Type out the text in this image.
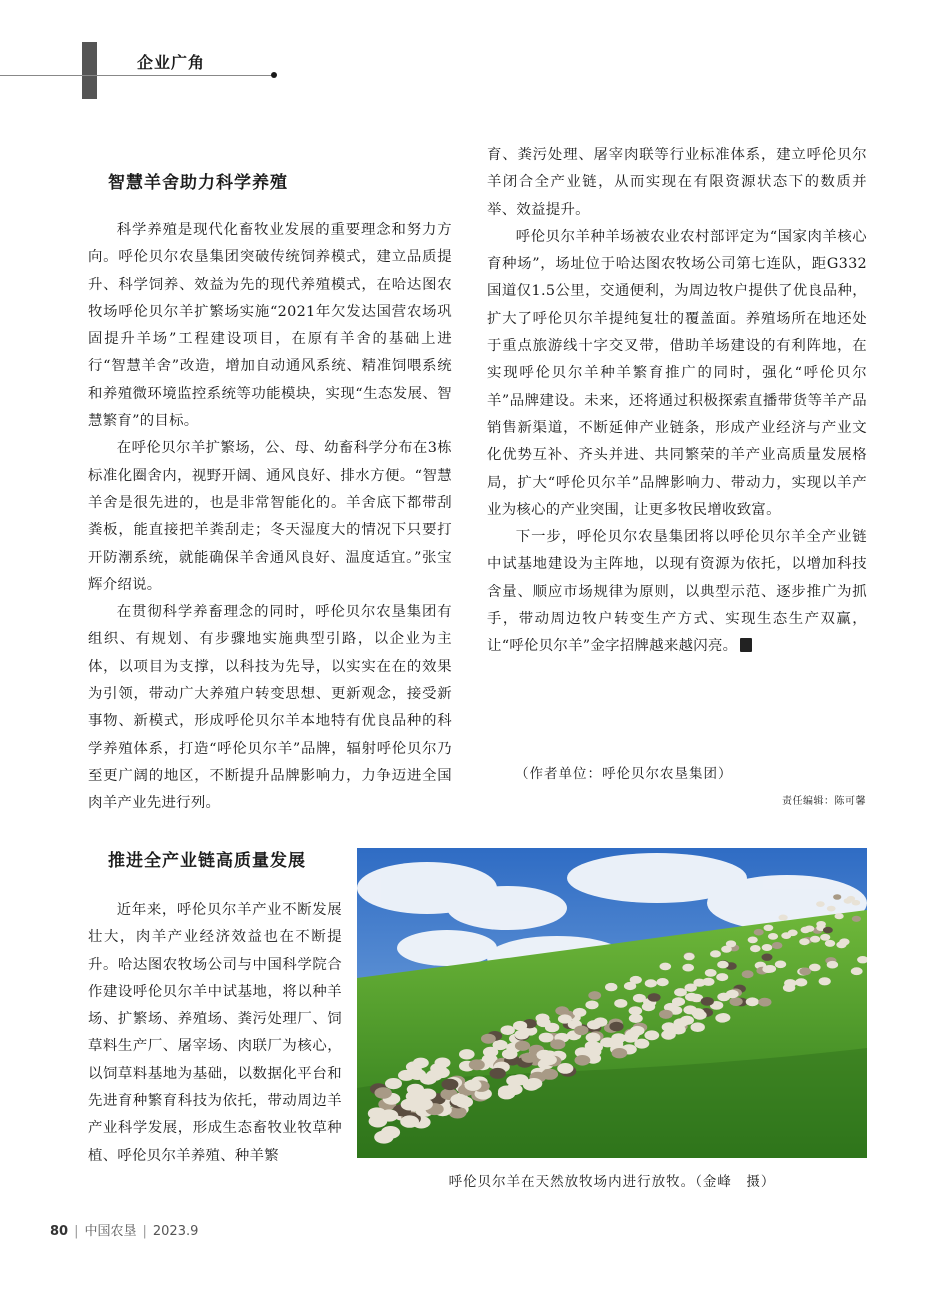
企业广角
智慧羊舍助力科学养殖

科学养殖是现代化畜牧业发展的重要理念和努力方向。呼伦贝尔农垦集团突破传统饲养模式，建立品质提升、科学饲养、效益为先的现代养殖模式，在哈达图农牧场呼伦贝尔羊扩繁场实施“2021年欠发达国营农场巩固提升羊场”工程建设项目，在原有羊舍的基础上进行“智慧羊舍”改造，增加自动通风系统、精准饲喂系统和养殖微环境监控系统等功能模块，实现“生态发展、智慧繁育”的目标。

在呼伦贝尔羊扩繁场，公、母、幼畜科学分布在3栋标准化圈舍内，视野开阔、通风良好、排水方便。“智慧羊舍是很先进的，也是非常智能化的。羊舍底下都带刮粪板，能直接把羊粪刮走；冬天湿度大的情况下只要打开防潮系统，就能确保羊舍通风良好、温度适宜。”张宝辉介绍说。

在贯彻科学养畜理念的同时，呼伦贝尔农垦集团有组织、有规划、有步骤地实施典型引路，以企业为主体，以项目为支撑，以科技为先导，以实实在在的效果为引领，带动广大养殖户转变思想、更新观念，接受新事物、新模式，形成呼伦贝尔羊本地特有优良品种的科学养殖体系，打造“呼伦贝尔羊”品牌，辐射呼伦贝尔乃至更广阔的地区，不断提升品牌影响力，力争迈进全国肉羊产业先进行列。

推进全产业链高质量发展

近年来，呼伦贝尔羊产业不断发展壮大，肉羊产业经济效益也在不断提升。哈达图农牧场公司与中国科学院合作建设呼伦贝尔羊中试基地，将以种羊场、扩繁场、养殖场、粪污处理厂、饲草料生产厂、屠宰场、肉联厂为核心，以饲草料基地为基础，以数据化平台和先进育种繁育科技为依托，带动周边羊产业科学发展，形成生态畜牧业牧草种植、呼伦贝尔羊养殖、种羊繁

育、粪污处理、屠宰肉联等行业标准体系，建立呼伦贝尔羊闭合全产业链，从而实现在有限资源状态下的数质并举、效益提升。

呼伦贝尔羊种羊场被农业农村部评定为“国家肉羊核心育种场”，场址位于哈达图农牧场公司第七连队，距G332国道仅1.5公里，交通便利，为周边牧户提供了优良品种，扩大了呼伦贝尔羊提纯复壮的覆盖面。养殖场所在地还处于重点旅游线十字交叉带，借助羊场建设的有利阵地，在实现呼伦贝尔羊种羊繁育推广的同时，强化“呼伦贝尔羊”品牌建设。未来，还将通过积极探索直播带货等羊产品销售新渠道，不断延伸产业链条，形成产业经济与产业文化优势互补、齐头并进、共同繁荣的羊产业高质量发展格局，扩大“呼伦贝尔羊”品牌影响力、带动力，实现以羊产业为核心的产业突围，让更多牧民增收致富。

下一步，呼伦贝尔农垦集团将以呼伦贝尔羊全产业链中试基地建设为主阵地，以现有资源为依托，以增加科技含量、顺应市场规律为原则，以典型示范、逐步推广为抓手，带动周边牧户转变生产方式、实现生态生产双赢，让“呼伦贝尔羊”金字招牌越来越闪亮。

（作者单位：呼伦贝尔农垦集团）
责任编辑：陈可馨
呼伦贝尔羊在天然放牧场内进行放牧。（金峰　摄）
80 | 中国农垦 | 2023.9
